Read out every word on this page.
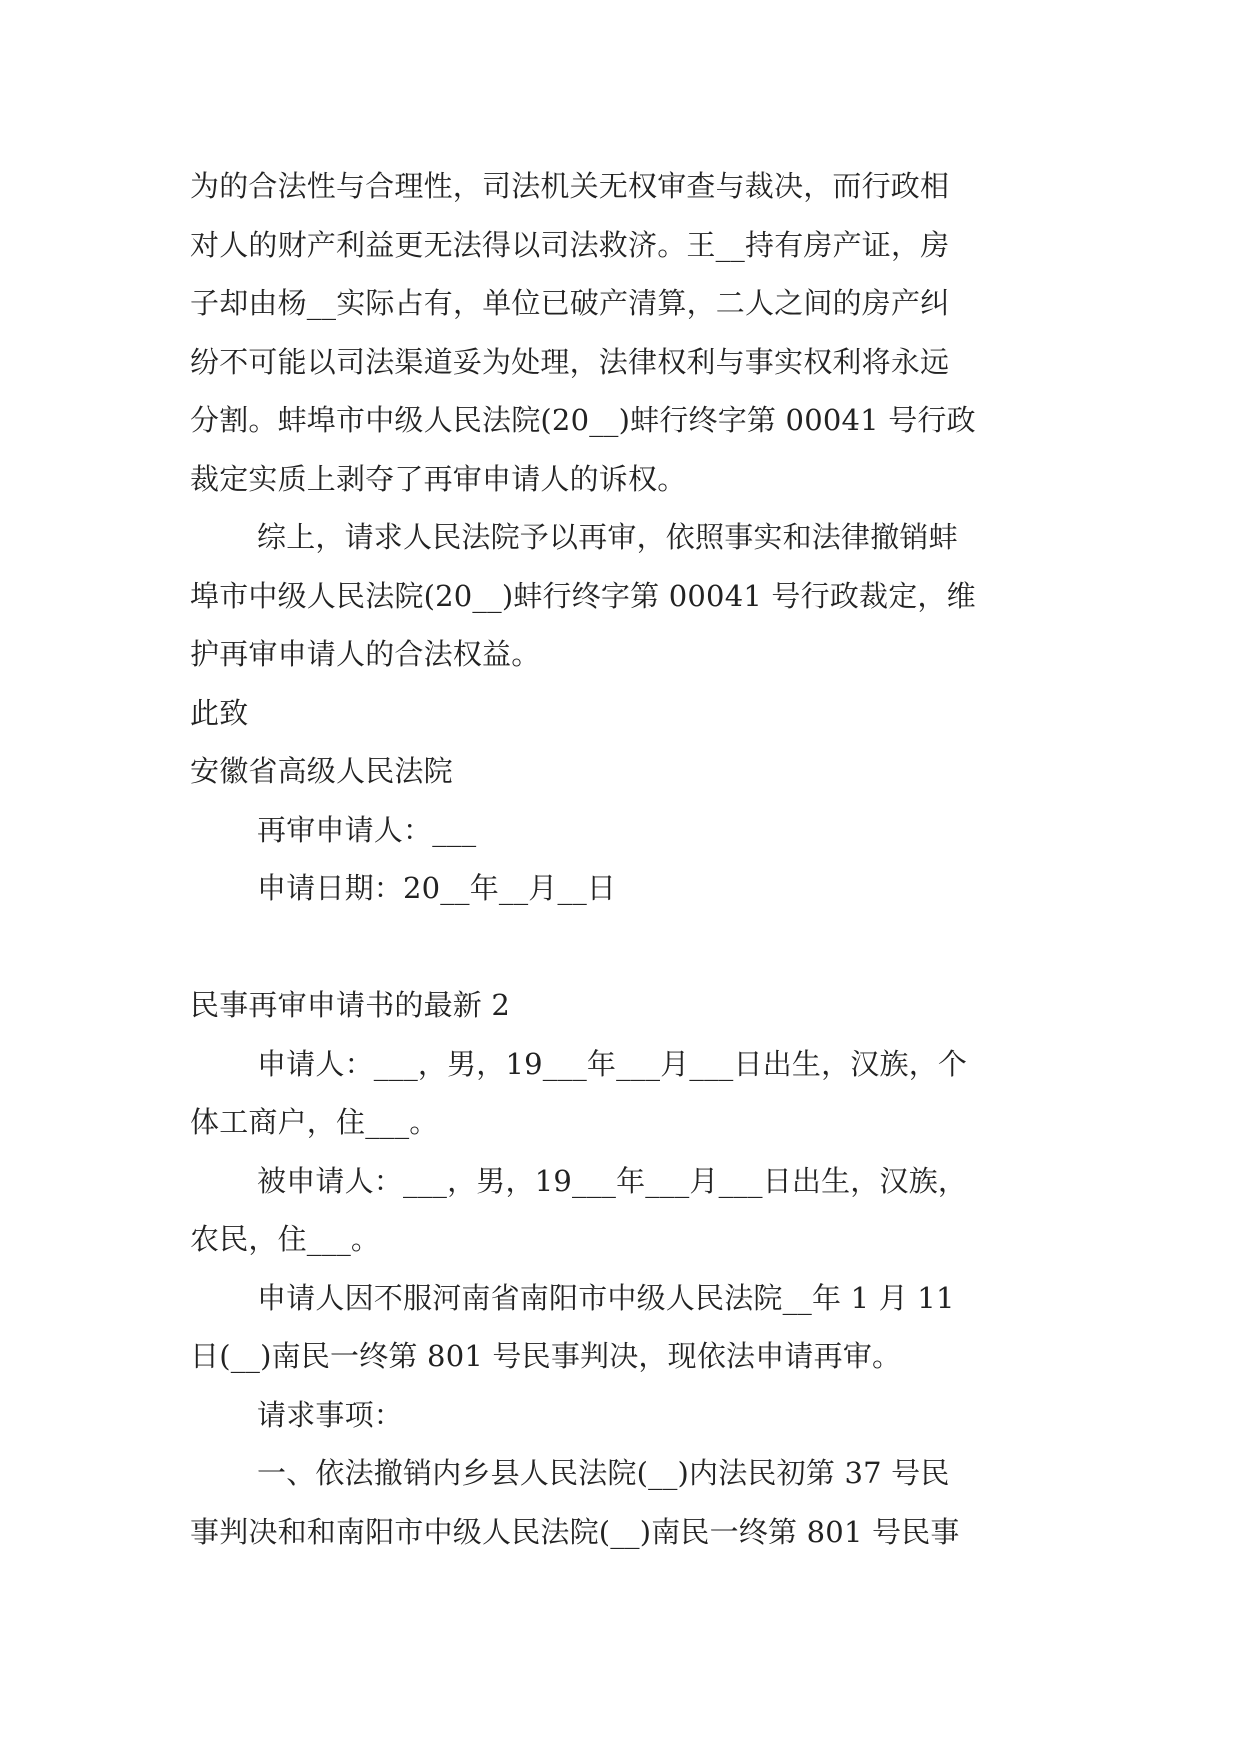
为的合法性与合理性，司法机关无权审查与裁决，而行政相
对人的财产利益更无法得以司法救济。王__持有房产证，房
子却由杨__实际占有，单位已破产清算，二人之间的房产纠
纷不可能以司法渠道妥为处理，法律权利与事实权利将永远
分割。蚌埠市中级人民法院(20__)蚌行终字第 00041 号行政
裁定实质上剥夺了再审申请人的诉权。
综上，请求人民法院予以再审，依照事实和法律撤销蚌
埠市中级人民法院(20__)蚌行终字第 00041 号行政裁定，维
护再审申请人的合法权益。
此致
安徽省高级人民法院
再审申请人：___
申请日期：20__年__月__日
民事再审申请书的最新 2
申请人：___，男，19___年___月___日出生，汉族，个
体工商户，住___。
被申请人：___，男，19___年___月___日出生，汉族，
农民，住___。
申请人因不服河南省南阳市中级人民法院__年 1 月 11
日(__)南民一终第 801 号民事判决，现依法申请再审。
请求事项：
一、依法撤销内乡县人民法院(__)内法民初第 37 号民
事判决和和南阳市中级人民法院(__)南民一终第 801 号民事
